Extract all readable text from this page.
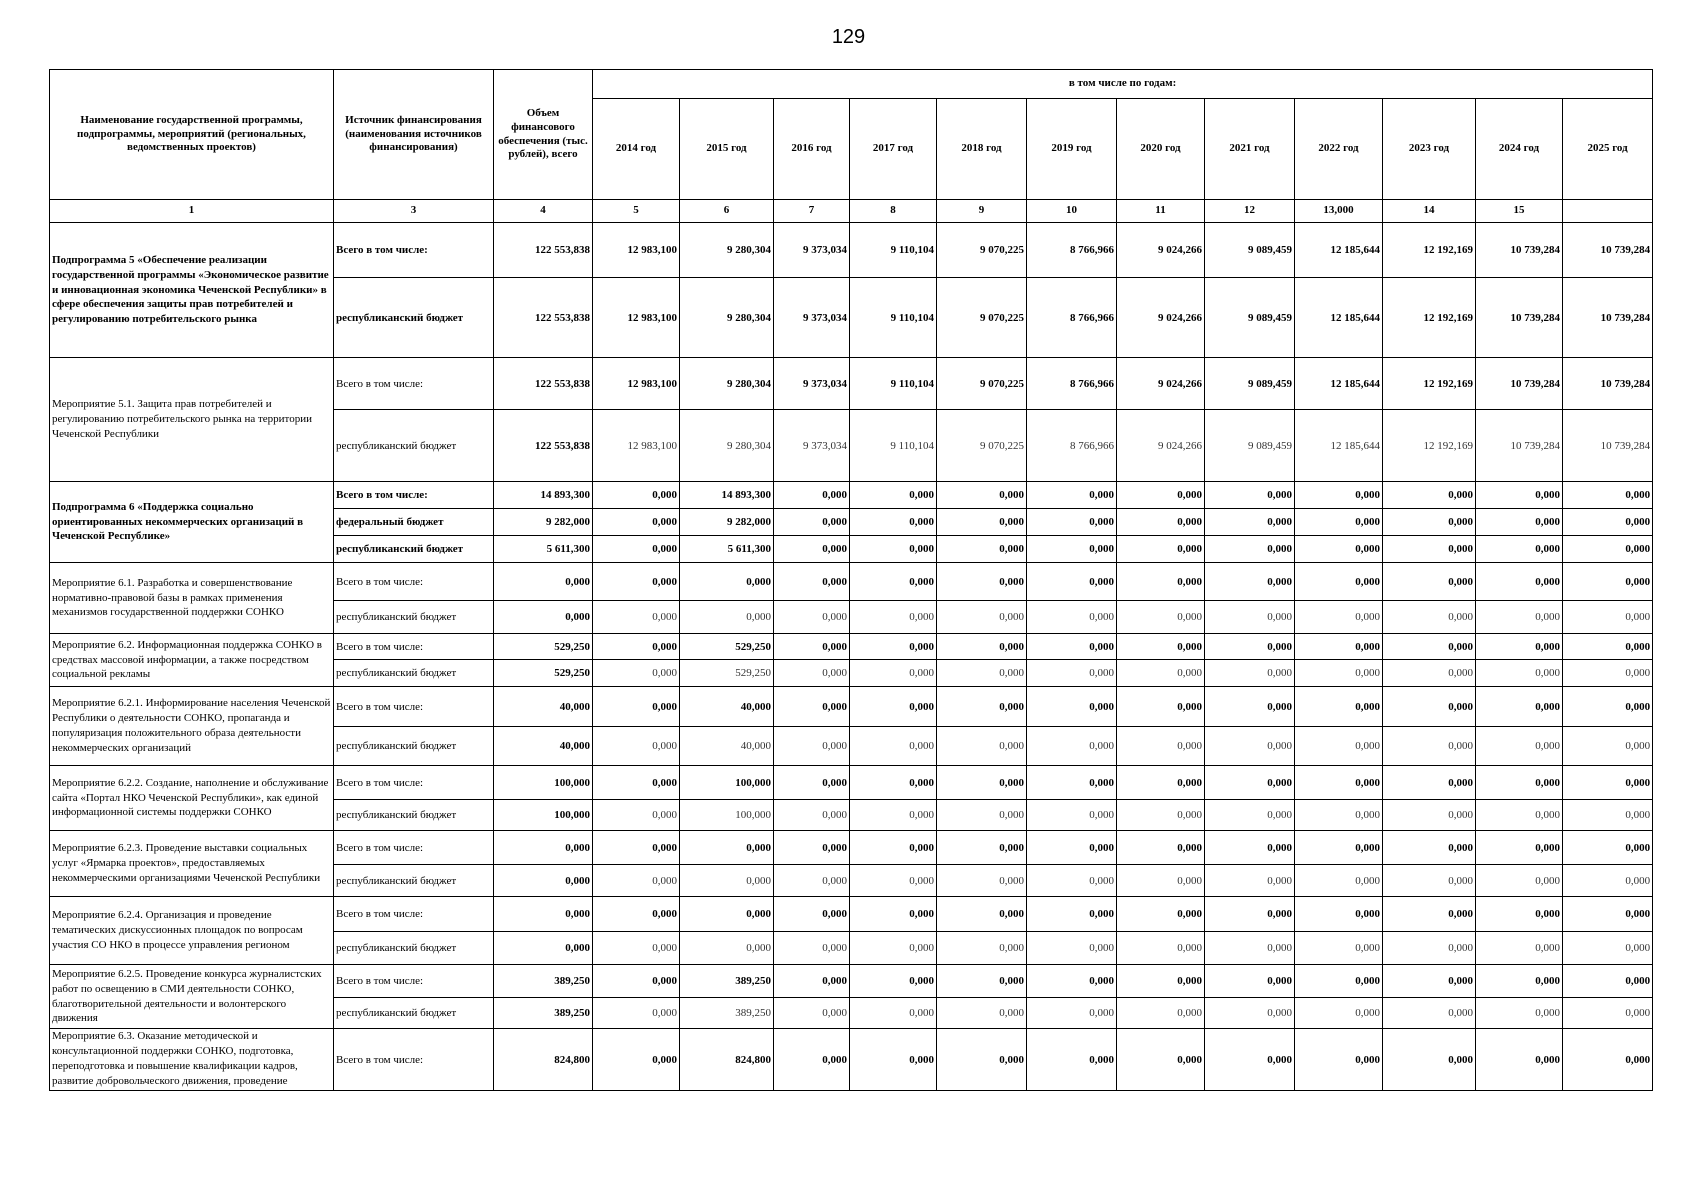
129
Наименование государственной программы, подпрограммы, мероприятий (региональных, ведомственных проектов)	Источник финансирования (наименования источников финансирования)	Объем финансового обеспечения (тыс. рублей), всего	в том числе по годам:											
			2014 год	2015 год	2016 год	2017 год	2018 год	2019 год	2020 год	2021 год	2022 год	2023 год	2024 год	2025 год
1	3	4	5	6	7	8	9	10	11	12	13,000	14	15	
Подпрограмма 5 «Обеспечение реализации государственной программы «Экономическое развитие и инновационная экономика Чеченской Республики» в сфере обеспечения защиты прав потребителей и регулированию потребительского рынка	Всего в том числе:	122 553,838	12 983,100	9 280,304	9 373,034	9 110,104	9 070,225	8 766,966	9 024,266	9 089,459	12 185,644	12 192,169	10 739,284	10 739,284
	республиканский бюджет	122 553,838	12 983,100	9 280,304	9 373,034	9 110,104	9 070,225	8 766,966	9 024,266	9 089,459	12 185,644	12 192,169	10 739,284	10 739,284
Мероприятие 5.1. Защита прав потребителей и регулированию потребительского рынка на территории Чеченской Республики	Всего в том числе:	122 553,838	12 983,100	9 280,304	9 373,034	9 110,104	9 070,225	8 766,966	9 024,266	9 089,459	12 185,644	12 192,169	10 739,284	10 739,284
	республиканский бюджет	122 553,838	12 983,100	9 280,304	9 373,034	9 110,104	9 070,225	8 766,966	9 024,266	9 089,459	12 185,644	12 192,169	10 739,284	10 739,284
Подпрограмма 6 «Поддержка социально ориентированных некоммерческих организаций в Чеченской Республике»	Всего в том числе:	14 893,300	0,000	14 893,300	0,000	0,000	0,000	0,000	0,000	0,000	0,000	0,000	0,000	0,000
	федеральный бюджет	9 282,000	0,000	9 282,000	0,000	0,000	0,000	0,000	0,000	0,000	0,000	0,000	0,000	0,000
	республиканский бюджет	5 611,300	0,000	5 611,300	0,000	0,000	0,000	0,000	0,000	0,000	0,000	0,000	0,000	0,000
Мероприятие 6.1. Разработка и совершенствование нормативно-правовой базы в рамках применения механизмов государственной поддержки СОНКО	Всего в том числе:	0,000	0,000	0,000	0,000	0,000	0,000	0,000	0,000	0,000	0,000	0,000	0,000	0,000
	республиканский бюджет	0,000	0,000	0,000	0,000	0,000	0,000	0,000	0,000	0,000	0,000	0,000	0,000	0,000
Мероприятие 6.2. Информационная поддержка СОНКО в средствах массовой информации, а также посредством социальной рекламы	Всего в том числе:	529,250	0,000	529,250	0,000	0,000	0,000	0,000	0,000	0,000	0,000	0,000	0,000	0,000
	республиканский бюджет	529,250	0,000	529,250	0,000	0,000	0,000	0,000	0,000	0,000	0,000	0,000	0,000	0,000
Мероприятие 6.2.1. Информирование населения Чеченской Республики о деятельности СОНКО, пропаганда и популяризация положительного образа деятельности некоммерческих организаций	Всего в том числе:	40,000	0,000	40,000	0,000	0,000	0,000	0,000	0,000	0,000	0,000	0,000	0,000	0,000
	республиканский бюджет	40,000	0,000	40,000	0,000	0,000	0,000	0,000	0,000	0,000	0,000	0,000	0,000	0,000
Мероприятие 6.2.2. Создание, наполнение и обслуживание сайта «Портал НКО Чеченской Республики», как единой информационной системы поддержки СОНКО	Всего в том числе:	100,000	0,000	100,000	0,000	0,000	0,000	0,000	0,000	0,000	0,000	0,000	0,000	0,000
	республиканский бюджет	100,000	0,000	100,000	0,000	0,000	0,000	0,000	0,000	0,000	0,000	0,000	0,000	0,000
Мероприятие 6.2.3. Проведение выставки социальных услуг «Ярмарка проектов», предоставляемых некоммерческими организациями Чеченской Республики	Всего в том числе:	0,000	0,000	0,000	0,000	0,000	0,000	0,000	0,000	0,000	0,000	0,000	0,000	0,000
	республиканский бюджет	0,000	0,000	0,000	0,000	0,000	0,000	0,000	0,000	0,000	0,000	0,000	0,000	0,000
Мероприятие 6.2.4. Организация и проведение тематических дискуссионных площадок по вопросам участия СО НКО в процессе управления регионом	Всего в том числе:	0,000	0,000	0,000	0,000	0,000	0,000	0,000	0,000	0,000	0,000	0,000	0,000	0,000
	республиканский бюджет	0,000	0,000	0,000	0,000	0,000	0,000	0,000	0,000	0,000	0,000	0,000	0,000	0,000
Мероприятие 6.2.5. Проведение конкурса журналистских работ по освещению в СМИ деятельности СОНКО, благотворительной деятельности и волонтерского движения	Всего в том числе:	389,250	0,000	389,250	0,000	0,000	0,000	0,000	0,000	0,000	0,000	0,000	0,000	0,000
	республиканский бюджет	389,250	0,000	389,250	0,000	0,000	0,000	0,000	0,000	0,000	0,000	0,000	0,000	0,000
Мероприятие 6.3. Оказание методической и консультационной поддержки СОНКО, подготовка, переподготовка и повышение квалификации кадров, развитие добровольческого движения, проведение	Всего в том числе:	824,800	0,000	824,800	0,000	0,000	0,000	0,000	0,000	0,000	0,000	0,000	0,000	0,000
